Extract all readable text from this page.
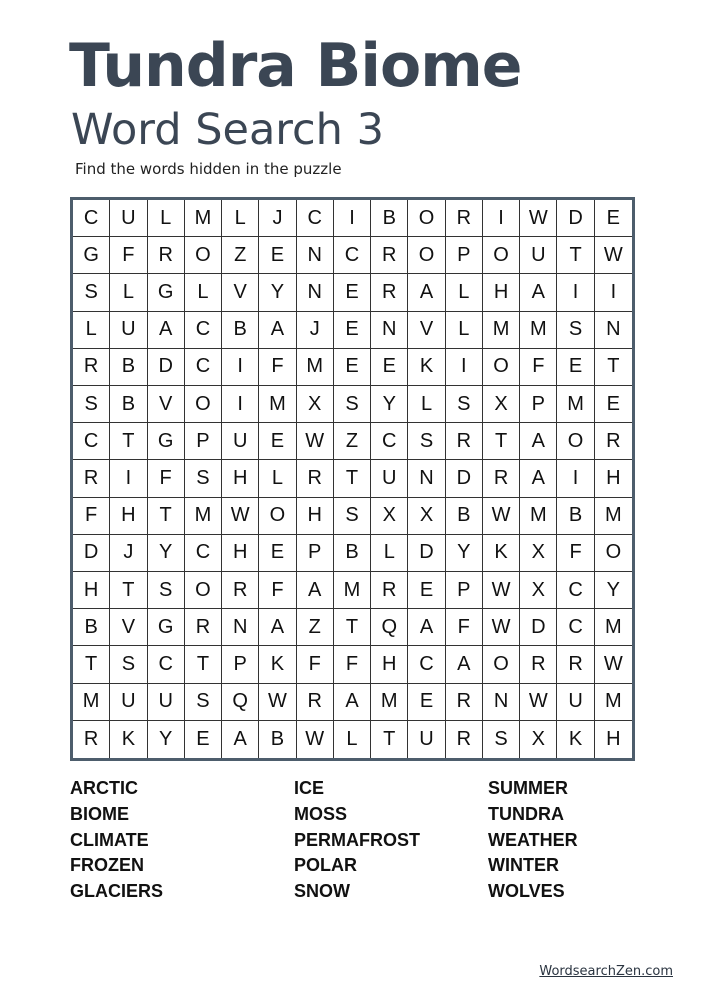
Tundra Biome
Word Search 3

Find the words hidden in the puzzle

C	U	L	M	L	J	C	I	B	O	R	I	W	D	E
G	F	R	O	Z	E	N	C	R	O	P	O	U	T	W
S	L	G	L	V	Y	N	E	R	A	L	H	A	I	I
L	U	A	C	B	A	J	E	N	V	L	M	M	S	N
R	B	D	C	I	F	M	E	E	K	I	O	F	E	T
S	B	V	O	I	M	X	S	Y	L	S	X	P	M	E
C	T	G	P	U	E	W	Z	C	S	R	T	A	O	R
R	I	F	S	H	L	R	T	U	N	D	R	A	I	H
F	H	T	M W	O	H	S	X	X	B	W M	B	M
D	J	Y	C	H	E	P	B	L	D	Y	K	X	F	O
H	T	S	O	R	F	A	M	R	E	P	W	X	C	Y
B	V	G	R	N	A	Z	T	Q	A	F	W	D	C	M
T	S	C	T	P	K	F	F	H	C	A	O	R	R	W
M	U	U	S	Q	W	R	A	M	E	R	N	W	U	M
R	K	Y	E	A	B	W	L	T	U	R	S	X	K	H

ARCTIC

BIOME

CLIMATE

FROZEN

GLACIERS

ICE

MOSS

PERMAFROST

POLAR

SNOW

SUMMER

TUNDRA

WEATHER

WINTER

WOLVES

WordsearchZen.com
